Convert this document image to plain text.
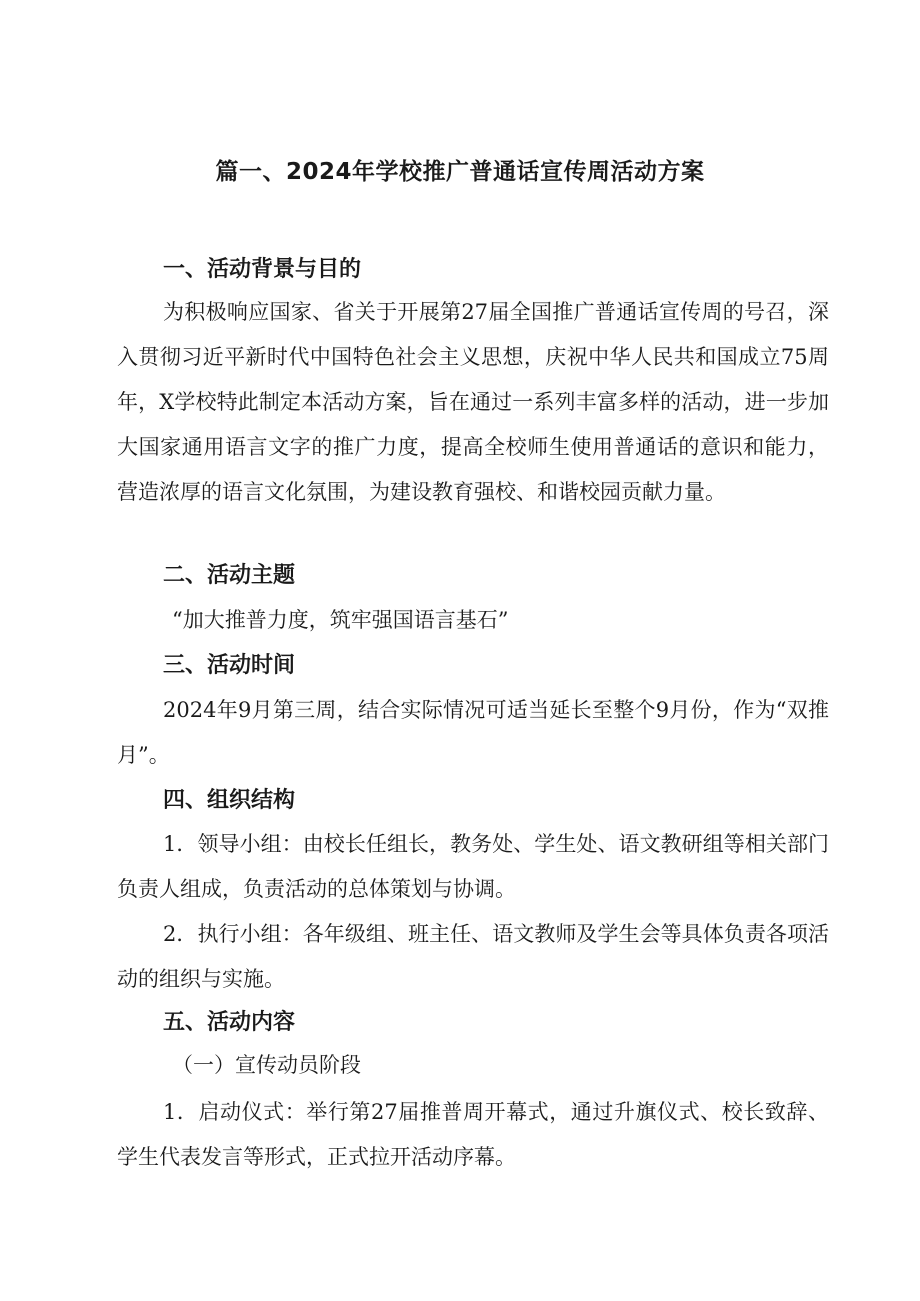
篇一、2024年学校推广普通话宣传周活动方案
一、活动背景与目的
为积极响应国家、省关于开展第27届全国推广普通话宣传周的号召，深入贯彻习近平新时代中国特色社会主义思想，庆祝中华人民共和国成立75周年，X学校特此制定本活动方案，旨在通过一系列丰富多样的活动，进一步加大国家通用语言文字的推广力度，提高全校师生使用普通话的意识和能力，营造浓厚的语言文化氛围，为建设教育强校、和谐校园贡献力量。
二、活动主题
“加大推普力度，筑牢强国语言基石”
三、活动时间
2024年9月第三周，结合实际情况可适当延长至整个9月份，作为“双推月”。
四、组织结构
1．领导小组：由校长任组长，教务处、学生处、语文教研组等相关部门负责人组成，负责活动的总体策划与协调。
2．执行小组：各年级组、班主任、语文教师及学生会等具体负责各项活动的组织与实施。
五、活动内容
（一）宣传动员阶段
1．启动仪式：举行第27届推普周开幕式，通过升旗仪式、校长致辞、学生代表发言等形式，正式拉开活动序幕。
